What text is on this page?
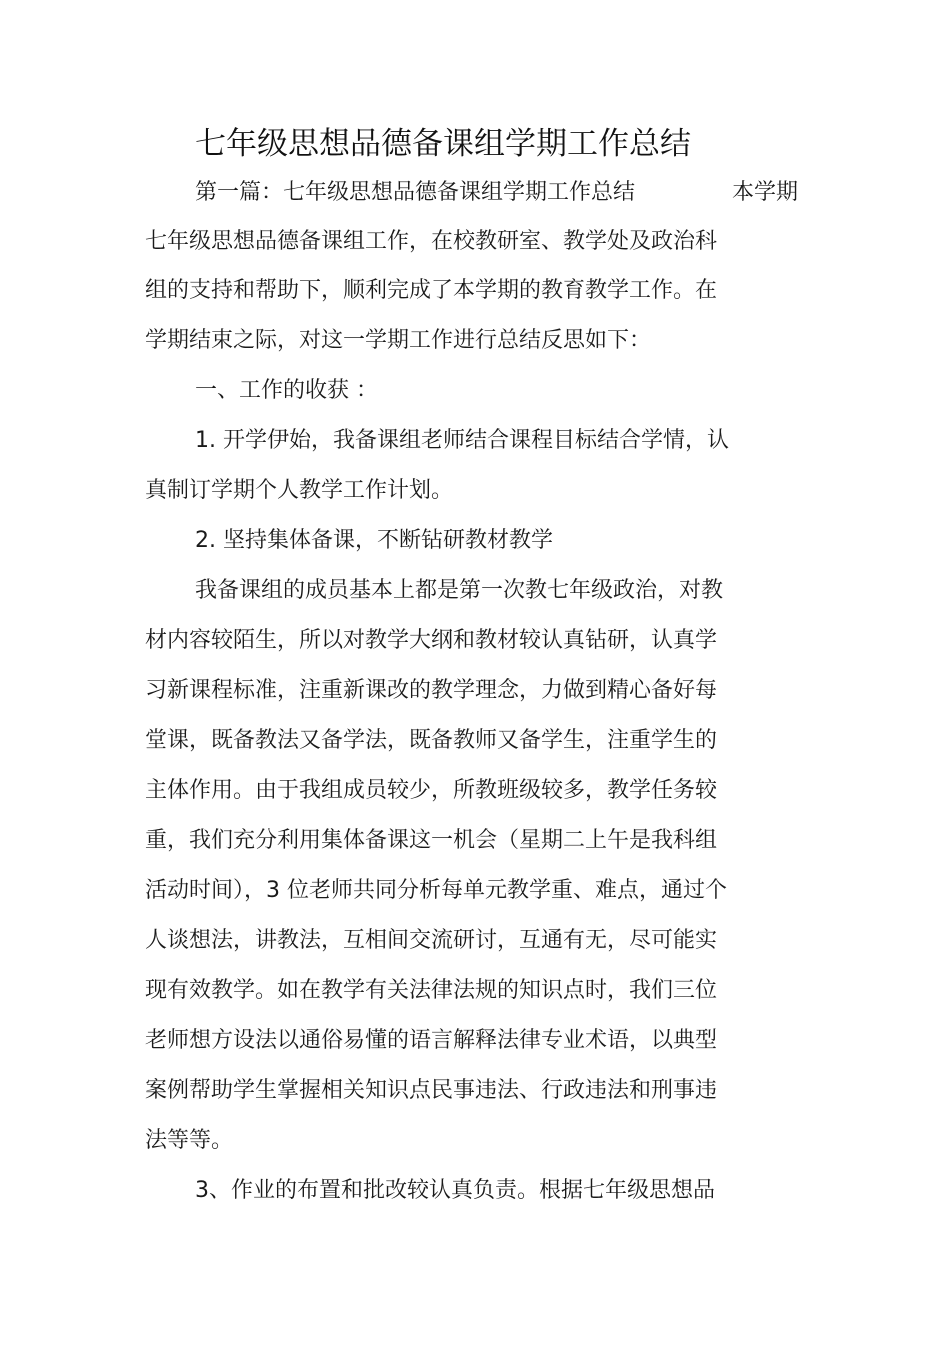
七年级思想品德备课组学期工作总结
第一篇：七年级思想品德备课组学期工作总结	本学期
七年级思想品德备课组工作，在校教研室、教学处及政治科
组的支持和帮助下，顺利完成了本学期的教育教学工作。在
学期结束之际，对这一学期工作进行总结反思如下：
一、工作的收获 ：
1. 开学伊始，我备课组老师结合课程目标结合学情，认
真制订学期个人教学工作计划。
2. 坚持集体备课，不断钻研教材教学
我备课组的成员基本上都是第一次教七年级政治，对教
材内容较陌生，所以对教学大纲和教材较认真钻研，认真学
习新课程标准，注重新课改的教学理念，力做到精心备好每
堂课，既备教法又备学法，既备教师又备学生，注重学生的
主体作用。由于我组成员较少，所教班级较多，教学任务较
重，我们充分利用集体备课这一机会（星期二上午是我科组
活动时间），3 位老师共同分析每单元教学重、难点，通过个
人谈想法，讲教法，互相间交流研讨，互通有无，尽可能实
现有效教学。如在教学有关法律法规的知识点时，我们三位
老师想方设法以通俗易懂的语言解释法律专业术语，以典型
案例帮助学生掌握相关知识点民事违法、行政违法和刑事违
法等等。
3、作业的布置和批改较认真负责。根据七年级思想品
